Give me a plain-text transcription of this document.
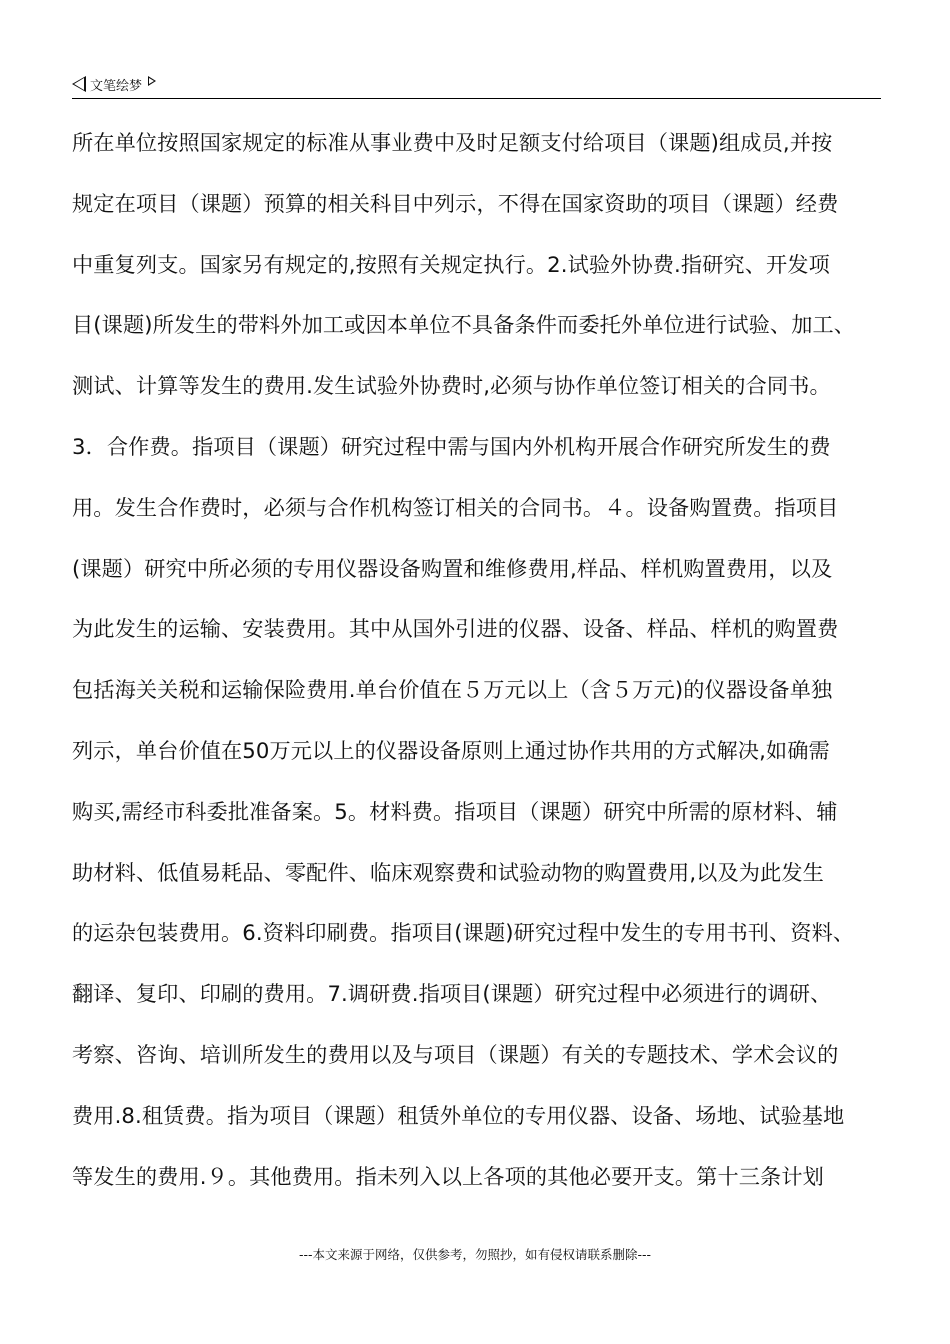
文笔绘梦
所在单位按照国家规定的标准从事业费中及时足额支付给项目（课题)组成员,并按
规定在项目（课题）预算的相关科目中列示，不得在国家资助的项目（课题）经费
中重复列支。国家另有规定的,按照有关规定执行。2.试验外协费.指研究、开发项
目(课题)所发生的带料外加工或因本单位不具备条件而委托外单位进行试验、加工、
测试、计算等发生的费用.发生试验外协费时,必须与协作单位签订相关的合同书。
3．合作费。指项目（课题）研究过程中需与国内外机构开展合作研究所发生的费
用。发生合作费时，必须与合作机构签订相关的合同书。４。设备购置费。指项目
(课题）研究中所必须的专用仪器设备购置和维修费用,样品、样机购置费用，以及
为此发生的运输、安装费用。其中从国外引进的仪器、设备、样品、样机的购置费
包括海关关税和运输保险费用.单台价值在５万元以上（含５万元)的仪器设备单独
列示，单台价值在50万元以上的仪器设备原则上通过协作共用的方式解决,如确需
购买,需经市科委批准备案。5。材料费。指项目（课题）研究中所需的原材料、辅
助材料、低值易耗品、零配件、临床观察费和试验动物的购置费用,以及为此发生
的运杂包装费用。6.资料印刷费。指项目(课题)研究过程中发生的专用书刊、资料、
翻译、复印、印刷的费用。7.调研费.指项目(课题）研究过程中必须进行的调研、
考察、咨询、培训所发生的费用以及与项目（课题）有关的专题技术、学术会议的
费用.8.租赁费。指为项目（课题）租赁外单位的专用仪器、设备、场地、试验基地
等发生的费用.９。其他费用。指未列入以上各项的其他必要开支。第十三条计划
---本文来源于网络，仅供参考，勿照抄，如有侵权请联系删除---
